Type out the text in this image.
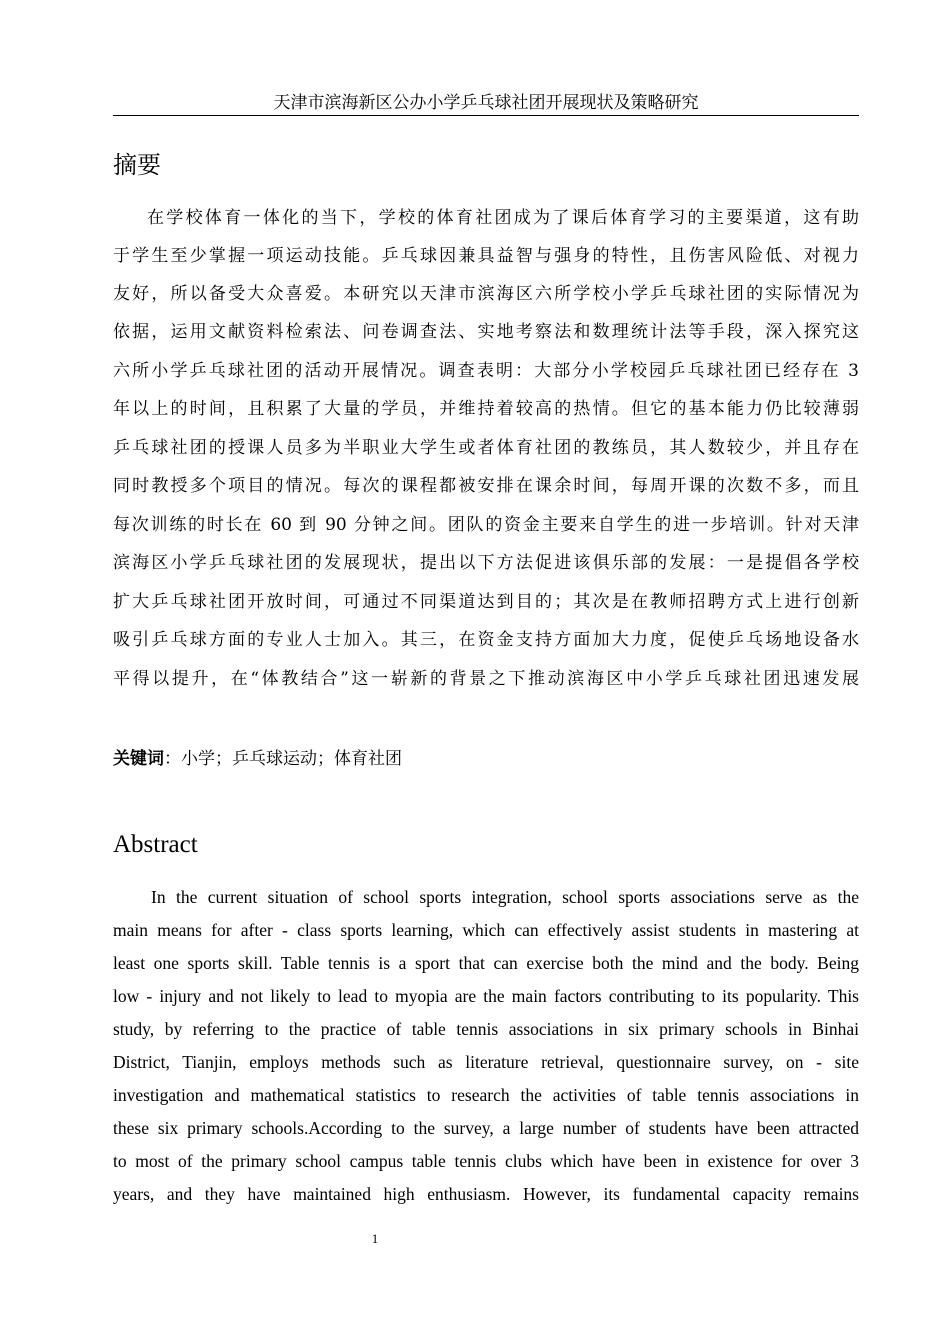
天津市滨海新区公办小学乒乓球社团开展现状及策略研究
摘要
在学校体育一体化的当下，学校的体育社团成为了课后体育学习的主要渠道，这有助
于学生至少掌握一项运动技能。乒乓球因兼具益智与强身的特性，且伤害风险低、对视力
友好，所以备受大众喜爱。本研究以天津市滨海区六所学校小学乒乓球社团的实际情况为
依据，运用文献资料检索法、问卷调查法、实地考察法和数理统计法等手段，深入探究这
六所小学乒乓球社团的活动开展情况。调查表明：大部分小学校园乒乓球社团已经存在 3
年以上的时间，且积累了大量的学员，并维持着较高的热情。但它的基本能力仍比较薄弱
乒乓球社团的授课人员多为半职业大学生或者体育社团的教练员，其人数较少，并且存在
同时教授多个项目的情况。每次的课程都被安排在课余时间，每周开课的次数不多，而且
每次训练的时长在 60 到 90 分钟之间。团队的资金主要来自学生的进一步培训。针对天津
滨海区小学乒乓球社团的发展现状，提出以下方法促进该俱乐部的发展：一是提倡各学校
扩大乒乓球社团开放时间，可通过不同渠道达到目的；其次是在教师招聘方式上进行创新
吸引乒乓球方面的专业人士加入。其三，在资金支持方面加大力度，促使乒乓场地设备水
平得以提升，在“体教结合”这一崭新的背景之下推动滨海区中小学乒乓球社团迅速发展
关键词：小学；乒乓球运动；体育社团
Abstract
In the current situation of school sports integration, school sports associations serve as the
main means for after - class sports learning, which can effectively assist students in mastering at
least one sports skill. Table tennis is a sport that can exercise both the mind and the body. Being
low - injury and not likely to lead to myopia are the main factors contributing to its popularity. This
study, by referring to the practice of table tennis associations in six primary schools in Binhai
District, Tianjin, employs methods such as literature retrieval, questionnaire survey, on - site
investigation and mathematical statistics to research the activities of table tennis associations in
these six primary schools.According to the survey, a large number of students have been attracted
to most of the primary school campus table tennis clubs which have been in existence for over 3
years, and they have maintained high enthusiasm. However, its fundamental capacity remains
1
